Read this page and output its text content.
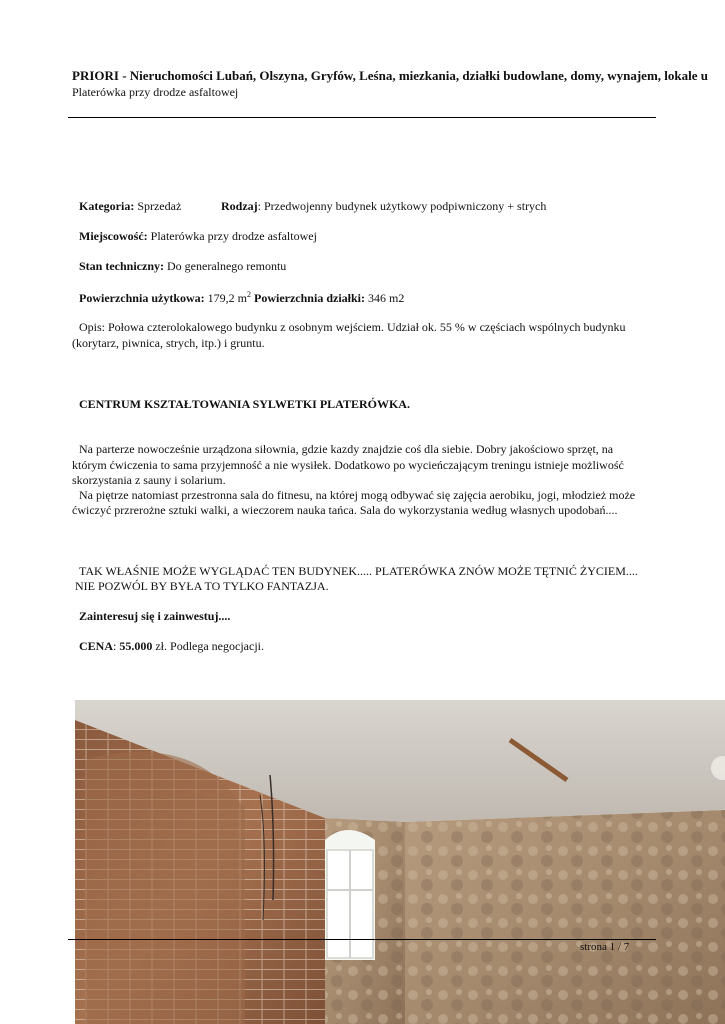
PRIORI - Nieruchomości Lubań, Olszyna, Gryfów, Leśna, miezkania, działki budowlane, domy, wynajem, lokale u
Platerówka przy drodze asfaltowej
Kategoria: Sprzedaż	Rodzaj: Przedwojenny budynek użytkowy podpiwniczony + strych
Miejscowość: Platerówka przy drodze asfaltowej
Stan techniczny: Do generalnego remontu
Powierzchnia użytkowa: 179,2 $m^2$ Powierzchnia działki: 346 m2
Opis: Połowa czterolokalowego budynku z osobnym wejściem. Udział ok. 55 % w częściach wspólnych budynku
(korytarz, piwnica, strych, itp.) i gruntu.
CENTRUM KSZTAŁTOWANIA SYLWETKI PLATERÓWKA.
Na parterze nowocześnie urządzona siłownia, gdzie kazdy znajdzie coś dla siebie. Dobry jakościowo sprzęt, na
którym ćwiczenia to sama przyjemność a nie wysiłek. Dodatkowo po wycieńczającym treningu istnieje możliwość
skorzystania z sauny i solarium.
Na piętrze natomiast przestronna sala do fitnesu, na której mogą odbywać się zajęcia aerobiku, jogi, młodzież może
ćwiczyć przrerożne sztuki walki, a wieczorem nauka tańca. Sala do wykorzystania według własnych upodobań....
TAK WŁAŚNIE MOŻE WYGLĄDAĆ TEN BUDYNEK..... PLATERÓWKA ZNÓW MOŻE TĘTNIĆ ŻYCIEM....
NIE POZWÓL BY BYŁA TO TYLKO FANTAZJA.
Zainteresuj się i zainwestuj....
CENA: 55.000 zł. Podlega negocjacji.
strona 1 / 7
